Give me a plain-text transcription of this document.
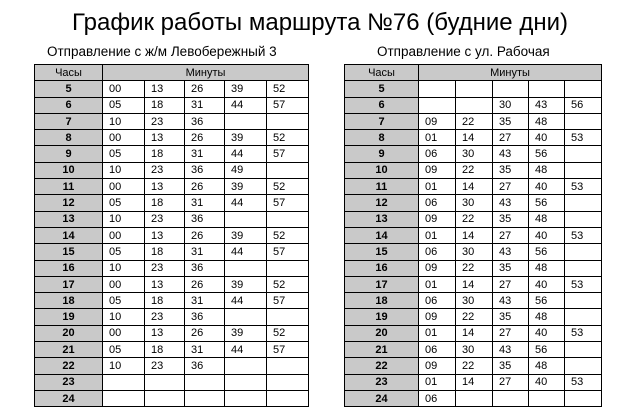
График работы маршрута №76 (будние дни)
Отправление с ж/м Левобережный 3	Отправление с ул. Рабочая
Часы	Минуты				
5	00	13	26	39	52
6	05	18	31	44	57
7	10	23	36		
8	00	13	26	39	52
9	05	18	31	44	57
10	10	23	36	49	
11	00	13	26	39	52
12	05	18	31	44	57
13	10	23	36		
14	00	13	26	39	52
15	05	18	31	44	57
16	10	23	36		
17	00	13	26	39	52
18	05	18	31	44	57
19	10	23	36		
20	00	13	26	39	52
21	05	18	31	44	57
22	10	23	36		
23					
24					
Часы	Минуты				
5					
6			30	43	56
7	09	22	35	48	
8	01	14	27	40	53
9	06	30	43	56	
10	09	22	35	48	
11	01	14	27	40	53
12	06	30	43	56	
13	09	22	35	48	
14	01	14	27	40	53
15	06	30	43	56	
16	09	22	35	48	
17	01	14	27	40	53
18	06	30	43	56	
19	09	22	35	48	
20	01	14	27	40	53
21	06	30	43	56	
22	09	22	35	48	
23	01	14	27	40	53
24	06				
